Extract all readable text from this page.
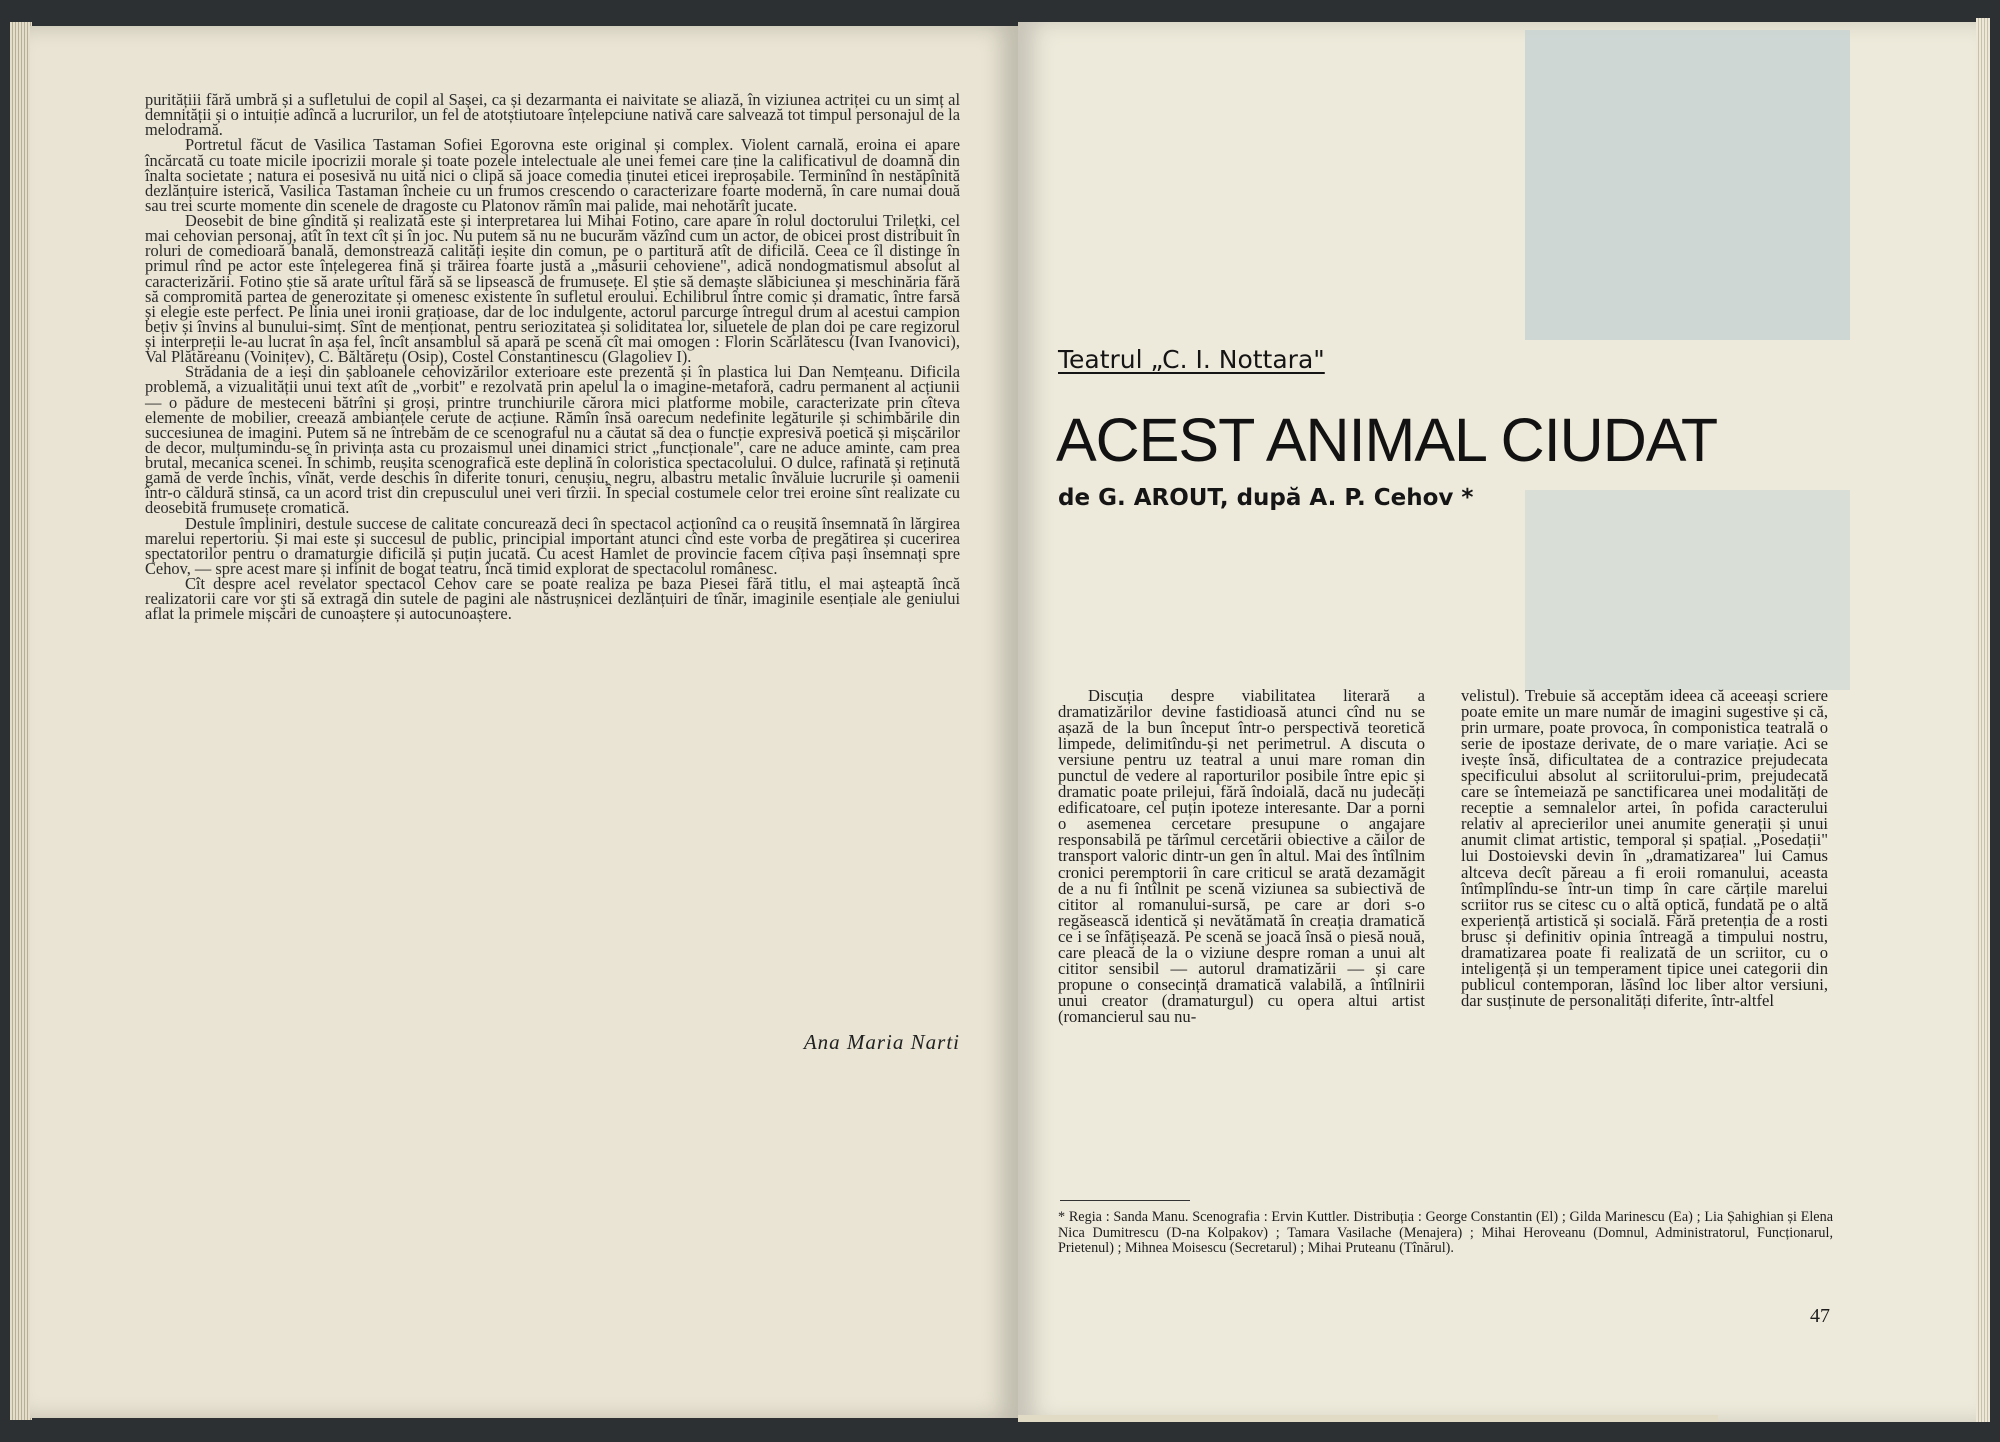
puritățiii fără umbră și a sufletului de copil al Sașei, ca și dezarmanta ei naivitate se aliază, în viziunea actriței cu un simț al demnității și o intuiție adîncă a lucrurilor, un fel de atotștiutoare înțelepciune nativă care salvează tot timpul personajul de la melodramă.

Portretul făcut de Vasilica Tastaman Sofiei Egorovna este original și complex. Violent carnală, eroina ei apare încărcată cu toate micile ipocrizii morale și toate pozele intelectuale ale unei femei care ține la calificativul de doamnă din înalta societate ; natura ei posesivă nu uită nici o clipă să joace comedia ținutei eticei ireproșabile. Terminînd în nestăpînită dezlănțuire isterică, Vasilica Tastaman încheie cu un frumos crescendo o caracterizare foarte modernă, în care numai două sau trei scurte momente din scenele de dragoste cu Platonov rămîn mai palide, mai nehotărît jucate.

Deosebit de bine gîndită și realizată este și interpretarea lui Mihai Fotino, care apare în rolul doctorului Trilețki, cel mai cehovian personaj, atît în text cît și în joc. Nu putem să nu ne bucurăm văzînd cum un actor, de obicei prost distribuit în roluri de comedioară banală, demonstrează calități ieșite din comun, pe o partitură atît de dificilă. Ceea ce îl distinge în primul rînd pe actor este înțelegerea fină și trăirea foarte justă a „măsurii cehoviene", adică nondogmatismul absolut al caracterizării. Fotino știe să arate urîtul fără să se lipsească de frumusețe. El știe să demaște slăbiciunea și meschinăria fără să compromită partea de generozitate și omenesc existente în sufletul eroului. Echilibrul între comic și dramatic, între farsă și elegie este perfect. Pe linia unei ironii grațioase, dar de loc indulgente, actorul parcurge întregul drum al acestui campion bețiv și învins al bunului-simț. Sînt de menționat, pentru seriozitatea și soliditatea lor, siluetele de plan doi pe care regizorul și interpreții le-au lucrat în așa fel, încît ansamblul să apară pe scenă cît mai omogen : Florin Scărlătescu (Ivan Ivanovici), Val Plătăreanu (Voinițev), C. Băltărețu (Osip), Costel Constantinescu (Glagoliev I).

Strădania de a ieși din șabloanele cehovizărilor exterioare este prezentă și în plastica lui Dan Nemțeanu. Dificila problemă, a vizualității unui text atît de „vorbit" e rezolvată prin apelul la o imagine-metaforă, cadru permanent al acțiunii — o pădure de mesteceni bătrîni și groși, printre trunchiurile cărora mici platforme mobile, caracterizate prin cîteva elemente de mobilier, creează ambianțele cerute de acțiune. Rămîn însă oarecum nedefinite legăturile și schimbările din succesiunea de imagini. Putem să ne întrebăm de ce scenograful nu a căutat să dea o funcție expresivă poetică și mișcărilor de decor, mulțumindu-se în privința asta cu prozaismul unei dinamici strict „funcționale", care ne aduce aminte, cam prea brutal, mecanica scenei. În schimb, reușita scenografică este deplină în coloristica spectacolului. O dulce, rafinată și reținută gamă de verde închis, vînăt, verde deschis în diferite tonuri, cenușiu, negru, albastru metalic învăluie lucrurile și oamenii într-o căldură stinsă, ca un acord trist din crepusculul unei veri tîrzii. În special costumele celor trei eroine sînt realizate cu deosebită frumusețe cromatică.

Destule împliniri, destule succese de calitate concurează deci în spectacol acționînd ca o reușită însemnată în lărgirea marelui repertoriu. Și mai este și succesul de public, principial important atunci cînd este vorba de pregătirea și cucerirea spectatorilor pentru o dramaturgie dificilă și puțin jucată. Cu acest Hamlet de provincie facem cîțiva pași însemnați spre Cehov, — spre acest mare și infinit de bogat teatru, încă timid explorat de spectacolul românesc.

Cît despre acel revelator spectacol Cehov care se poate realiza pe baza Piesei fără titlu, el mai așteaptă încă realizatorii care vor ști să extragă din sutele de pagini ale năstrușnicei dezlănțuiri de tînăr, imaginile esențiale ale geniului aflat la primele mișcări de cunoaștere și autocunoaștere.

Ana Maria Narti
Teatrul „C. I. Nottara"
ACEST ANIMAL CIUDAT
de G. AROUT, după A. P. Cehov *

Discuția despre viabilitatea literară a dramatizărilor devine fastidioasă atunci cînd nu se așază de la bun început într-o perspectivă teoretică limpede, delimitîndu-și net perimetrul. A discuta o versiune pentru uz teatral a unui mare roman din punctul de vedere al raporturilor posibile între epic și dramatic poate prilejui, fără îndoială, dacă nu judecăți edificatoare, cel puțin ipoteze interesante. Dar a porni o asemenea cercetare presupune o angajare responsabilă pe tărîmul cercetării obiective a căilor de transport valoric dintr-un gen în altul. Mai des întîlnim cronici peremptorii în care criticul se arată dezamăgit de a nu fi întîlnit pe scenă viziunea sa subiectivă de cititor al romanului-sursă, pe care ar dori s-o regăsească identică și nevătămată în creația dramatică ce i se înfățișează. Pe scenă se joacă însă o piesă nouă, care pleacă de la o viziune despre roman a unui alt cititor sensibil — autorul dramatizării — și care propune o consecință dramatică valabilă, a întîlnirii unui creator (dramaturgul) cu opera altui artist (romancierul sau nu-

velistul). Trebuie să acceptăm ideea că aceeași scriere poate emite un mare număr de imagini sugestive și că, prin urmare, poate provoca, în componistica teatrală o serie de ipostaze derivate, de o mare variație. Aci se ivește însă, dificultatea de a contrazice prejudecata specificului absolut al scriitorului-prim, prejudecată care se întemeiază pe sanctificarea unei modalități de receptie a semnalelor artei, în pofida caracterului relativ al aprecierilor unei anumite generații și unui anumit climat artistic, temporal și spațial. „Posedații" lui Dostoievski devin în „dramatizarea" lui Camus altceva decît păreau a fi eroii romanului, aceasta întîmplîndu-se într-un timp în care cărțile marelui scriitor rus se citesc cu o altă optică, fundată pe o altă experiență artistică și socială. Fără pretenția de a rosti brusc și definitiv opinia întreagă a timpului nostru, dramatizarea poate fi realizată de un scriitor, cu o inteligență și un temperament tipice unei categorii din publicul contemporan, lăsînd loc liber altor versiuni, dar susținute de personalități diferite, într-altfel

* Regia : Sanda Manu. Scenografia : Ervin Kuttler. Distribuția : George Constantin (El) ; Gilda Marinescu (Ea) ; Lia Șahighian și Elena Nica Dumitrescu (D-na Kolpakov) ; Tamara Vasilache (Menajera) ; Mihai Heroveanu (Domnul, Administratorul, Funcționarul, Prietenul) ; Mihnea Moisescu (Secretarul) ; Mihai Pruteanu (Tînărul).
47
